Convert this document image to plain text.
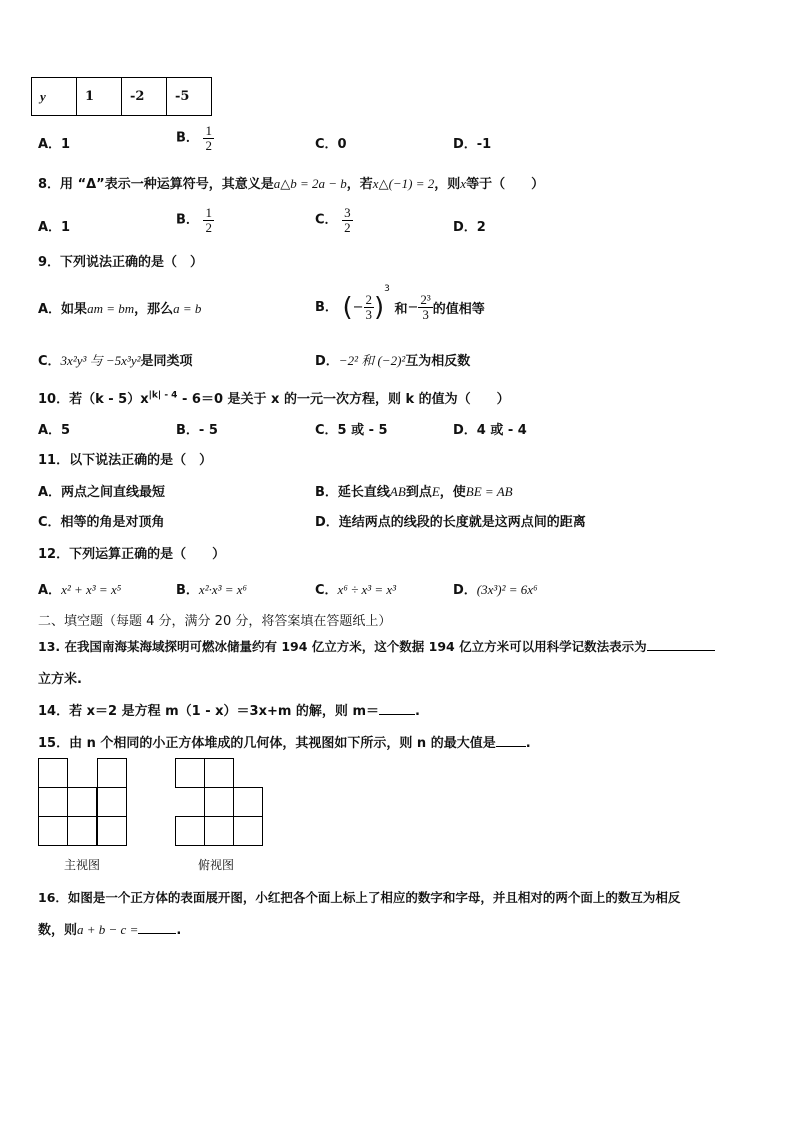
y	1	-2	-5
A．1	B． $\frac{1}{2}$	C．0	D．-1
8．用 “Δ”表示一种运算符号，其意义是a△b = 2a − b，若x△(−1) = 2，则x等于（　　）
A．1	B． $\frac{1}{2}$	C． $\frac{3}{2}$	D．2
9．下列说法正确的是（　）
A．如果am = bm，那么a = b	B． (− $\frac{2}{3} )^3$ 和− $\frac{\text{2³}}{3}$ 的值相等
C．3x²y³ 与 −5x³y²是同类项	D．−2² 和 (−2)²互为相反数
10．若$(k - 5)x^{|k| - 4} - 6=0$ 是关于 x 的一元一次方程，则 k 的值为（　　）
A．5	B．- 5	C．5 或 - 5	D．4 或 - 4
11．以下说法正确的是（　）
A．两点之间直线最短	B．延长直线AB到点E，使BE = AB
C．相等的角是对顶角	D．连结两点的线段的长度就是这两点间的距离
12．下列运算正确的是（　　）
A．x² + x³ = x⁵	B．x²·x³ = x⁶	C．x⁶ ÷ x³ = x³	D．(3x³)² = 6x⁶
二、填空题（每题 4 分，满分 20 分，将答案填在答题纸上）
13. 在我国南海某海域探明可燃冰储量约有 194 亿立方米，这个数据 194 亿立方米可以用科学记数法表示为
立方米.
14．若 x＝2 是方程 m（1 - x）＝3x+m 的解，则 m＝	.
15．由 n 个相同的小正方体堆成的几何体，其视图如下所示，则 n 的最大值是 .
主视图	俯视图
16．如图是一个正方体的表面展开图，小红把各个面上标上了相应的数字和字母，并且相对的两个面上的数互为相反
数，则a + b − c =	.
